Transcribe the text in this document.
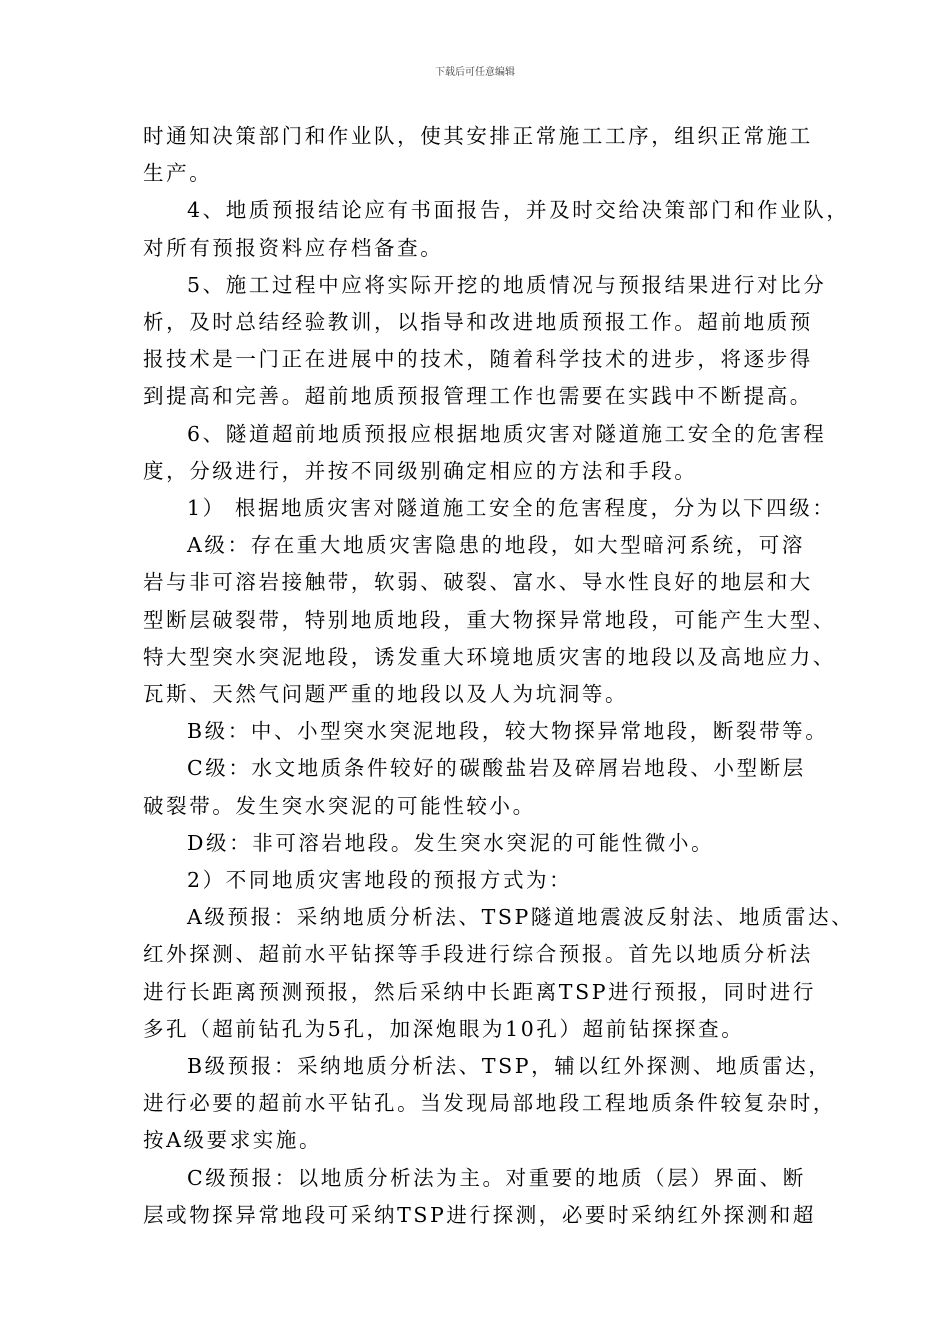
下载后可任意编辑

时通知决策部门和作业队，使其安排正常施工工序，组织正常施工
生产。

4、地质预报结论应有书面报告，并及时交给决策部门和作业队，
对所有预报资料应存档备查。

5、施工过程中应将实际开挖的地质情况与预报结果进行对比分
析，及时总结经验教训，以指导和改进地质预报工作。超前地质预
报技术是一门正在进展中的技术，随着科学技术的进步，将逐步得
到提高和完善。超前地质预报管理工作也需要在实践中不断提高。

6、隧道超前地质预报应根据地质灾害对隧道施工安全的危害程
度，分级进行，并按不同级别确定相应的方法和手段。

1） 根据地质灾害对隧道施工安全的危害程度，分为以下四级：

A级：存在重大地质灾害隐患的地段，如大型暗河系统，可溶
岩与非可溶岩接触带，软弱、破裂、富水、导水性良好的地层和大
型断层破裂带，特别地质地段，重大物探异常地段，可能产生大型、
特大型突水突泥地段，诱发重大环境地质灾害的地段以及高地应力、
瓦斯、天然气问题严重的地段以及人为坑洞等。

B级：中、小型突水突泥地段，较大物探异常地段，断裂带等。

C级：水文地质条件较好的碳酸盐岩及碎屑岩地段、小型断层
破裂带。发生突水突泥的可能性较小。

D级：非可溶岩地段。发生突水突泥的可能性微小。

2）不同地质灾害地段的预报方式为：

A级预报：采纳地质分析法、TSP隧道地震波反射法、地质雷达、
红外探测、超前水平钻探等手段进行综合预报。首先以地质分析法
进行长距离预测预报，然后采纳中长距离TSP进行预报，同时进行
多孔（超前钻孔为5孔，加深炮眼为10孔）超前钻探探查。

B级预报：采纳地质分析法、TSP，辅以红外探测、地质雷达，
进行必要的超前水平钻孔。当发现局部地段工程地质条件较复杂时，
按A级要求实施。

C级预报：以地质分析法为主。对重要的地质（层）界面、断
层或物探异常地段可采纳TSP进行探测，必要时采纳红外探测和超
